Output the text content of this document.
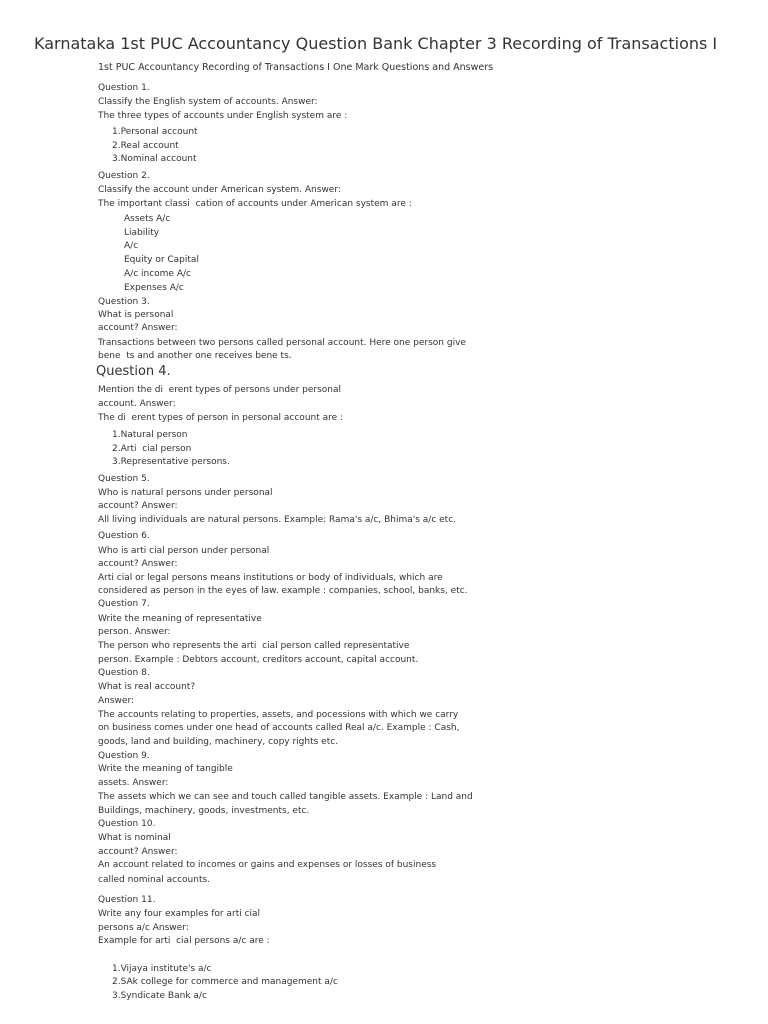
Karnataka 1st PUC Accountancy Question Bank Chapter 3 Recording of Transactions I
1st PUC Accountancy Recording of Transactions I One Mark Questions and Answers
Question 1.
Classify the English system of accounts. Answer:
The three types of accounts under English system are :
1.Personal account
2.Real account
3.Nominal account
Question 2.
Classify the account under American system. Answer:
The important classi  cation of accounts under American system are :
Assets A/c
Liability
A/c
Equity or Capital
A/c income A/c
Expenses A/c
Question 3.
What is personal
account? Answer:
Transactions between two persons called personal account. Here one person give
bene  ts and another one receives bene ts.
Question 4.
Mention the di  erent types of persons under personal
account. Answer:
The di  erent types of person in personal account are :
1.Natural person
2.Arti  cial person
3.Representative persons.
Question 5.
Who is natural persons under personal
account? Answer:
All living individuals are natural persons. Example: Rama's a/c, Bhima's a/c etc.
Question 6.
Who is arti cial person under personal
account? Answer:
Arti cial or legal persons means institutions or body of individuals, which are
considered as person in the eyes of law. example : companies, school, banks, etc.
Question 7.
Write the meaning of representative
person. Answer:
The person who represents the arti  cial person called representative
person. Example : Debtors account, creditors account, capital account.
Question 8.
What is real account?
Answer:
The accounts relating to properties, assets, and pocessions with which we carry
on business comes under one head of accounts called Real a/c. Example : Cash,
goods, land and building, machinery, copy rights etc.
Question 9.
Write the meaning of tangible
assets. Answer:
The assets which we can see and touch called tangible assets. Example : Land and
Buildings, machinery, goods, investments, etc.
Question 10.
What is nominal
account? Answer:
An account related to incomes or gains and expenses or losses of business
called nominal accounts.
Question 11.
Write any four examples for arti cial
persons a/c Answer:
Example for arti  cial persons a/c are :
1.Vijaya institute's a/c
2.SAk college for commerce and management a/c
3.Syndicate Bank a/c
